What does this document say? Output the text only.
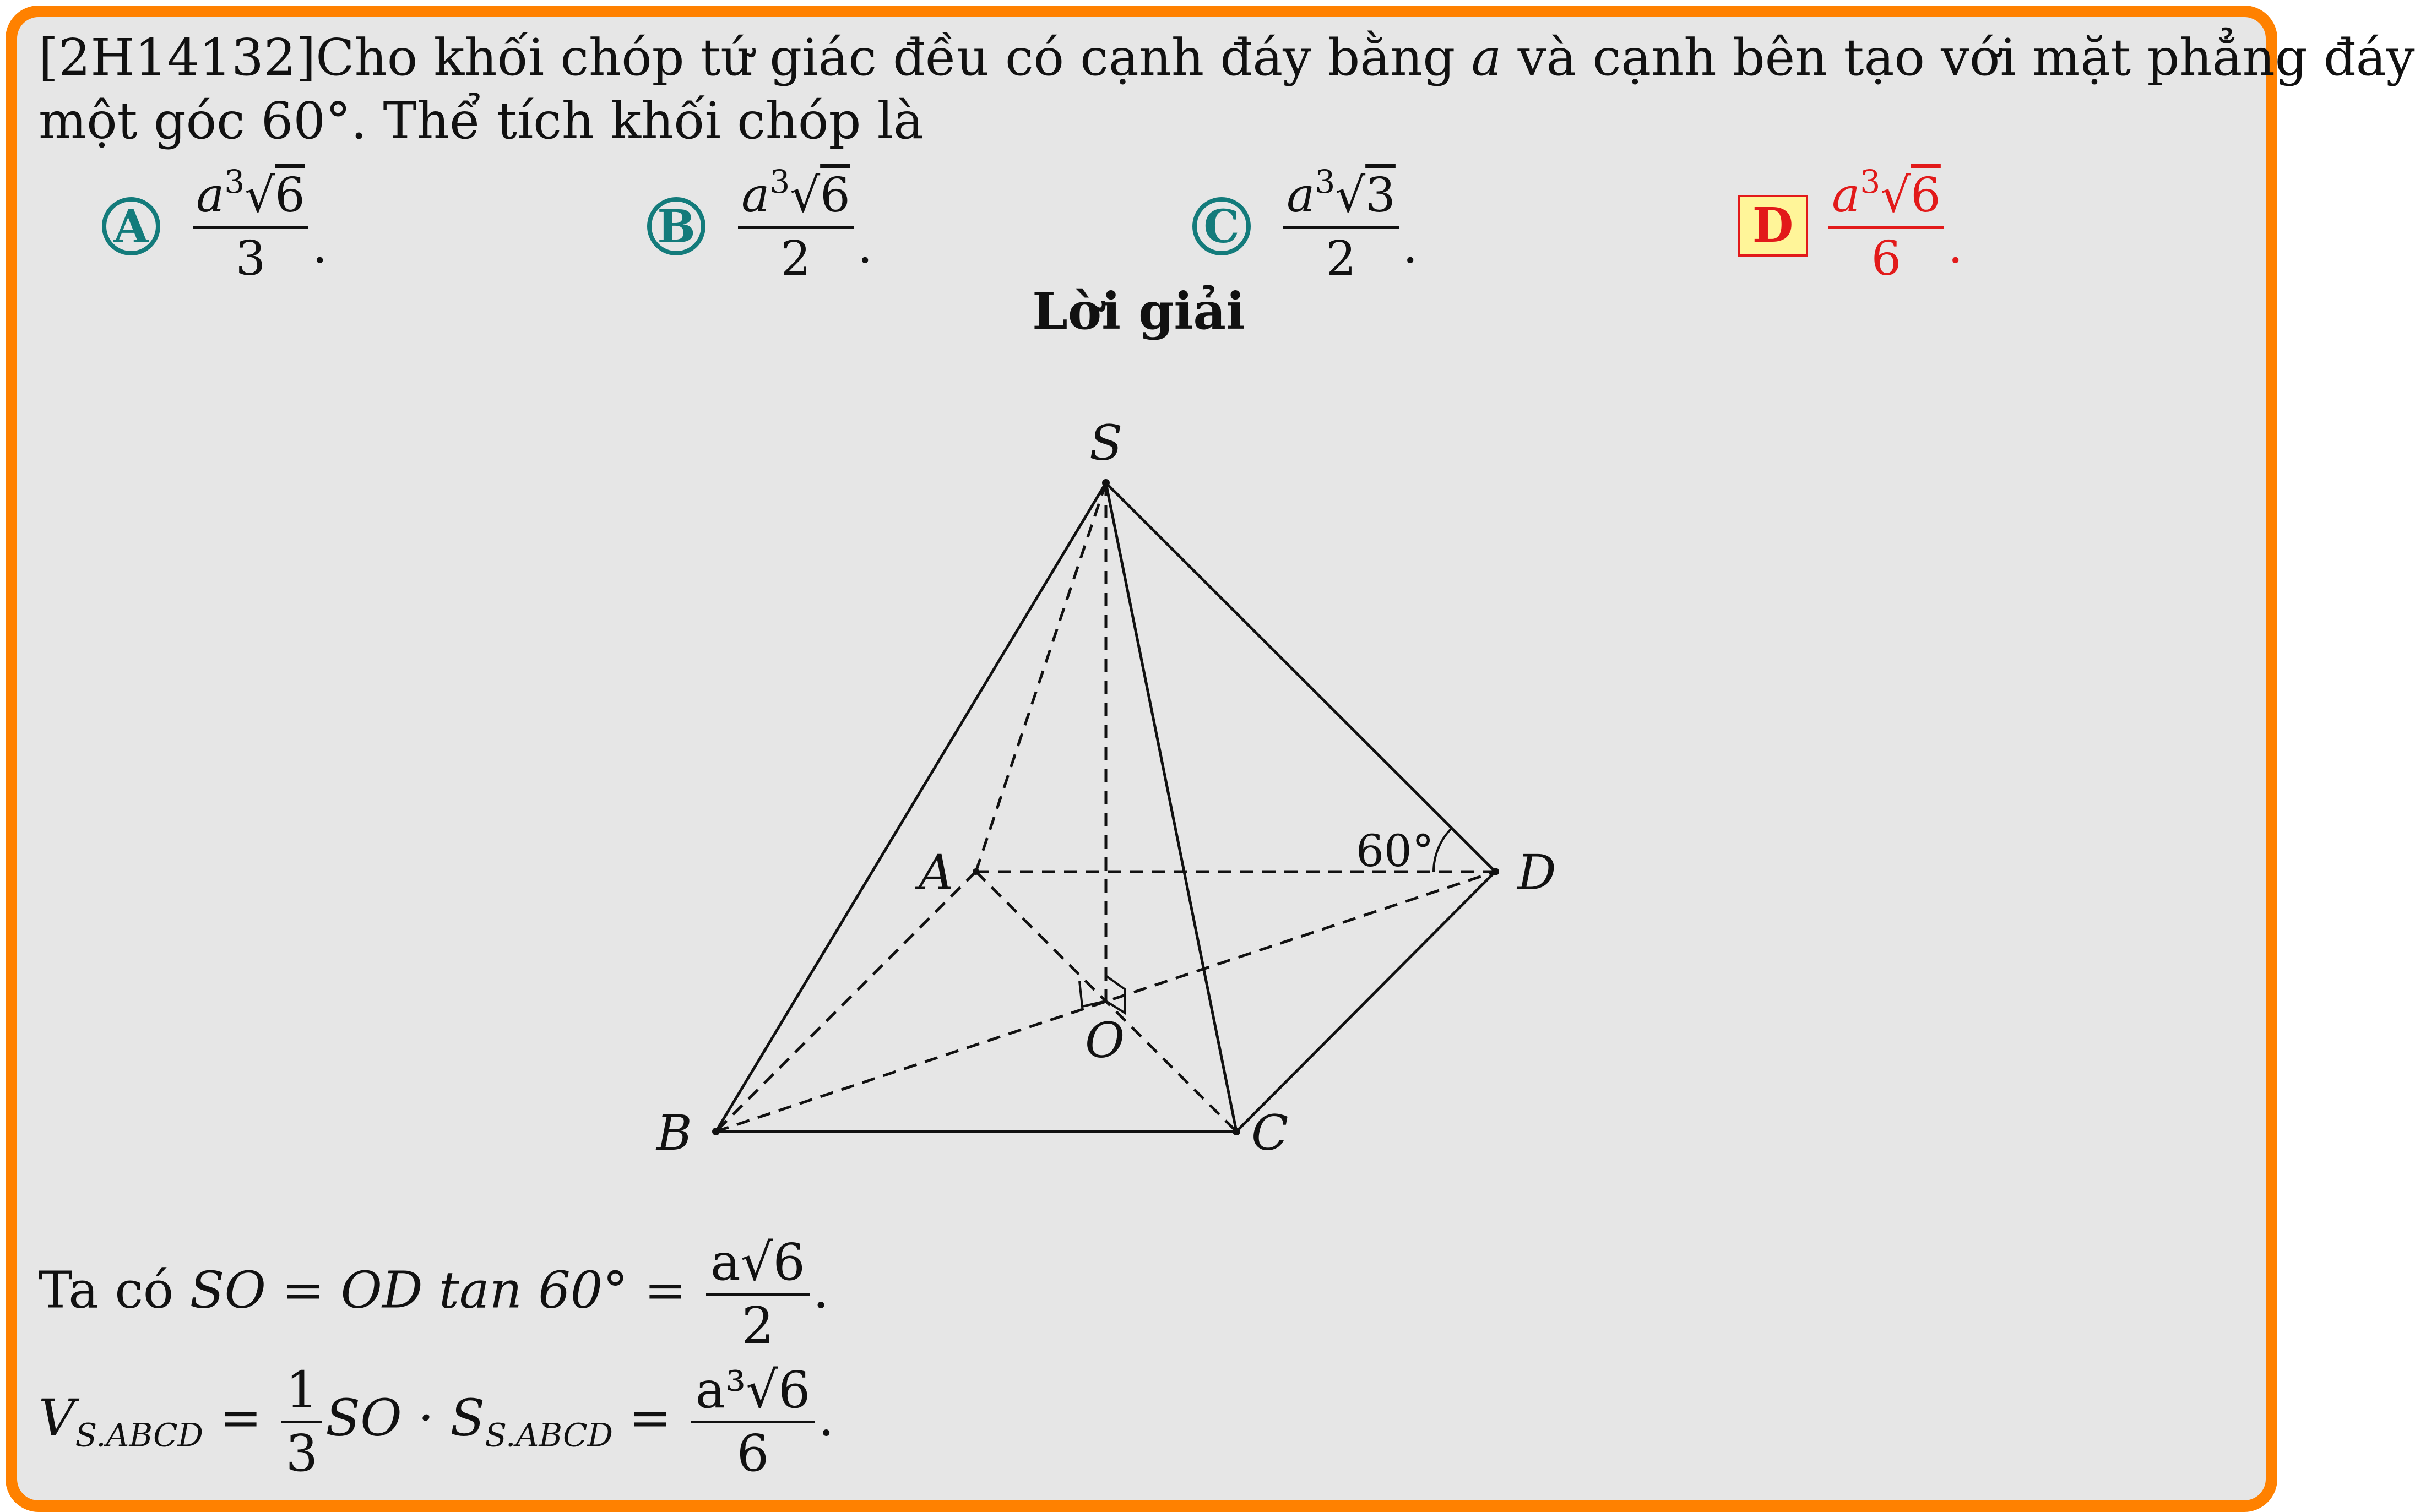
[2H14132]Cho khối chóp tứ giác đều có cạnh đáy bằng a và cạnh bên tạo với mặt phẳng đáy
một góc 60°. Thể tích khối chóp là
A
$a^3√6$
3 .	B
$a^3√6$
2 .	C
$a^3√3$
2 .	D
$a^3√6$
6 .
Lời giải
S
A
B	C
D
O
60°
Ta có SO = OD $\tan 60^\circ = \frac{a√6}{2}$ .
$V_{S.ABCD} = \frac{1}{3}$ SO · $S_{S.ABCD} = \frac{\text{a³√6}}{6}$ .
